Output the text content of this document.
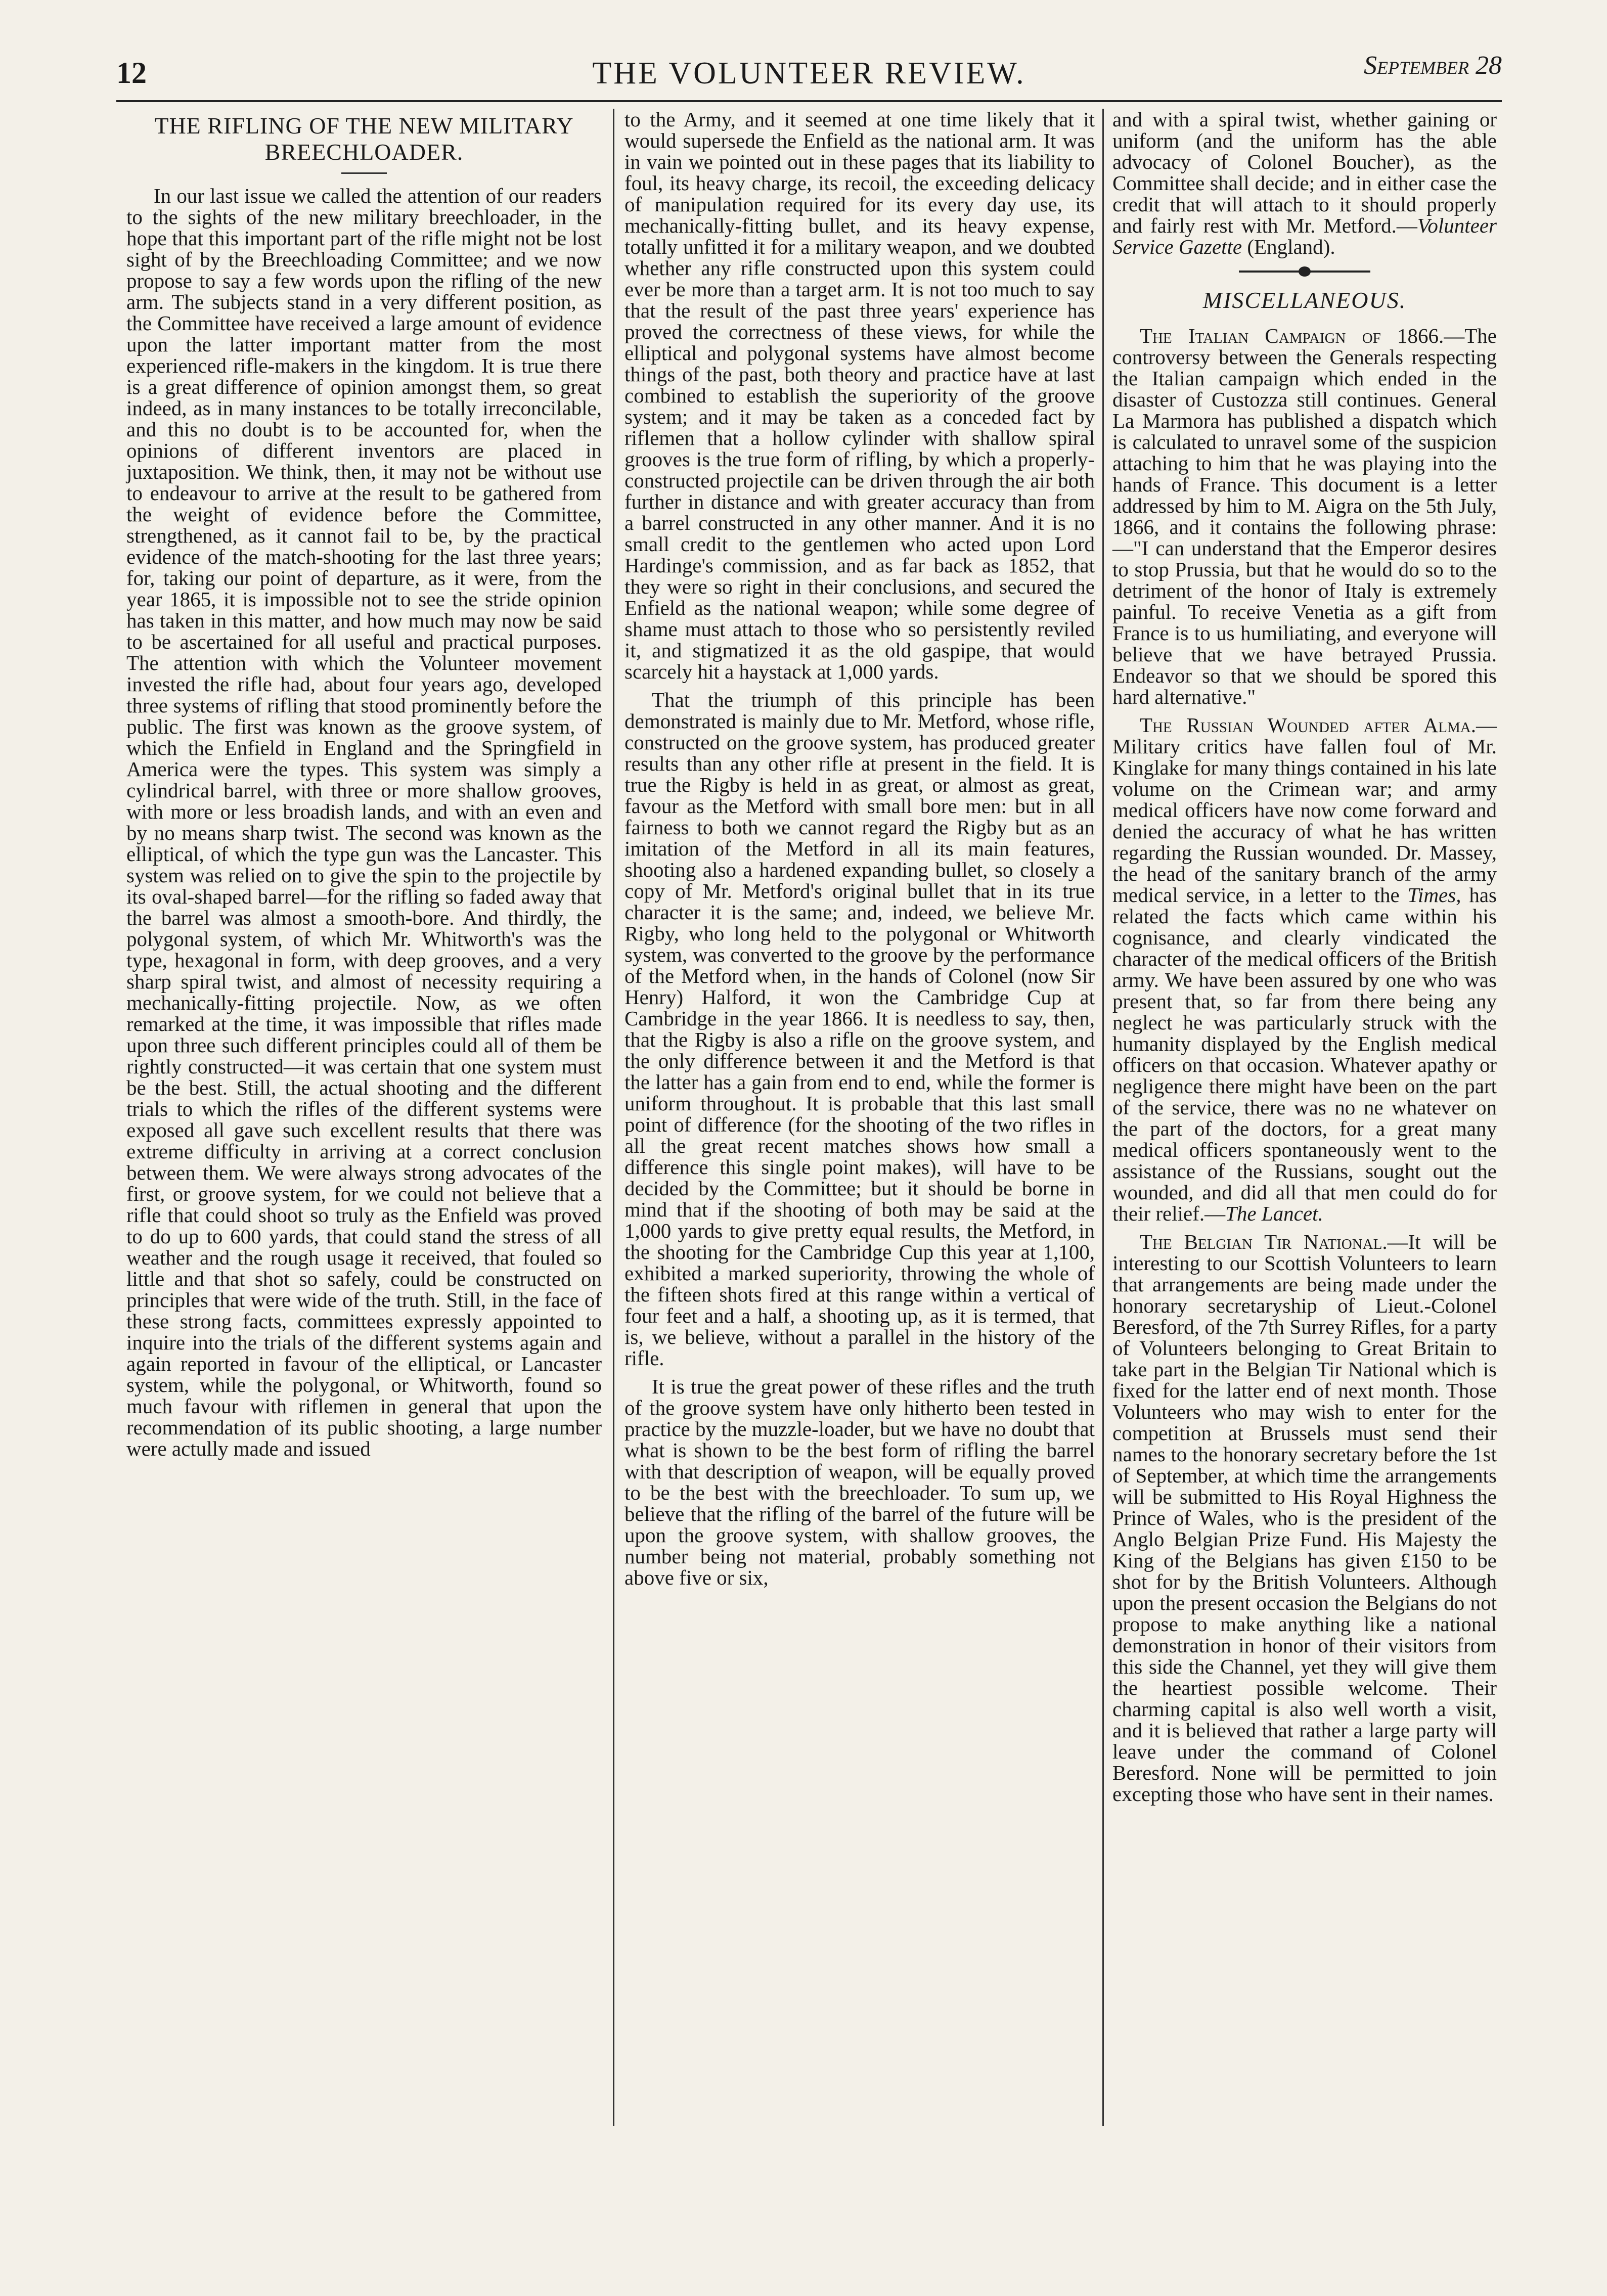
12	THE VOLUNTEER REVIEW.	September 28
THE RIFLING OF THE NEW MILITARY BREECHLOADER.

In our last issue we called the attention of our readers to the sights of the new military breechloader, in the hope that this important part of the rifle might not be lost sight of by the Breechloading Committee; and we now propose to say a few words upon the rifling of the new arm. The subjects stand in a very different position, as the Committee have received a large amount of evidence upon the latter important matter from the most experienced rifle-makers in the kingdom. It is true there is a great difference of opinion amongst them, so great indeed, as in many instances to be totally irreconcilable, and this no doubt is to be accounted for, when the opinions of different inventors are placed in juxtaposition. We think, then, it may not be without use to endeavour to arrive at the result to be gathered from the weight of evidence before the Committee, strengthened, as it cannot fail to be, by the practical evidence of the match-shooting for the last three years; for, taking our point of departure, as it were, from the year 1865, it is impossible not to see the stride opinion has taken in this matter, and how much may now be said to be ascertained for all useful and practical purposes. The attention with which the Volunteer movement invested the rifle had, about four years ago, developed three systems of rifling that stood prominently before the public. The first was known as the groove system, of which the Enfield in England and the Springfield in America were the types. This system was simply a cylindrical barrel, with three or more shallow grooves, with more or less broadish lands, and with an even and by no means sharp twist. The second was known as the elliptical, of which the type gun was the Lancaster. This system was relied on to give the spin to the projectile by its oval-shaped barrel—for the rifling so faded away that the barrel was almost a smooth-bore. And thirdly, the polygonal system, of which Mr. Whitworth's was the type, hexagonal in form, with deep grooves, and a very sharp spiral twist, and almost of necessity requiring a mechanically-fitting projectile. Now, as we often remarked at the time, it was impossible that rifles made upon three such different principles could all of them be rightly constructed—it was certain that one system must be the best. Still, the actual shooting and the different trials to which the rifles of the different systems were exposed all gave such excellent results that there was extreme difficulty in arriving at a correct conclusion between them. We were always strong advocates of the first, or groove system, for we could not believe that a rifle that could shoot so truly as the Enfield was proved to do up to 600 yards, that could stand the stress of all weather and the rough usage it received, that fouled so little and that shot so safely, could be constructed on principles that were wide of the truth. Still, in the face of these strong facts, committees expressly appointed to inquire into the trials of the different systems again and again reported in favour of the elliptical, or Lancaster system, while the polygonal, or Whitworth, found so much favour with riflemen in general that upon the recommendation of its public shooting, a large number were actully made and issued

to the Army, and it seemed at one time likely that it would supersede the Enfield as the national arm. It was in vain we pointed out in these pages that its liability to foul, its heavy charge, its recoil, the exceeding delicacy of manipulation required for its every day use, its mechanically-fitting bullet, and its heavy expense, totally unfitted it for a military weapon, and we doubted whether any rifle constructed upon this system could ever be more than a target arm. It is not too much to say that the result of the past three years' experience has proved the correctness of these views, for while the elliptical and polygonal systems have almost become things of the past, both theory and practice have at last combined to establish the superiority of the groove system; and it may be taken as a conceded fact by riflemen that a hollow cylinder with shallow spiral grooves is the true form of rifling, by which a properly-constructed projectile can be driven through the air both further in distance and with greater accuracy than from a barrel constructed in any other manner. And it is no small credit to the gentlemen who acted upon Lord Hardinge's commission, and as far back as 1852, that they were so right in their conclusions, and secured the Enfield as the national weapon; while some degree of shame must attach to those who so persistently reviled it, and stigmatized it as the old gaspipe, that would scarcely hit a haystack at 1,000 yards.

That the triumph of this principle has been demonstrated is mainly due to Mr. Metford, whose rifle, constructed on the groove system, has produced greater results than any other rifle at present in the field. It is true the Rigby is held in as great, or almost as great, favour as the Metford with small bore men: but in all fairness to both we cannot regard the Rigby but as an imitation of the Metford in all its main features, shooting also a hardened expanding bullet, so closely a copy of Mr. Metford's original bullet that in its true character it is the same; and, indeed, we believe Mr. Rigby, who long held to the polygonal or Whitworth system, was converted to the groove by the performance of the Metford when, in the hands of Colonel (now Sir Henry) Halford, it won the Cambridge Cup at Cambridge in the year 1866. It is needless to say, then, that the Rigby is also a rifle on the groove system, and the only difference between it and the Metford is that the latter has a gain from end to end, while the former is uniform throughout. It is probable that this last small point of difference (for the shooting of the two rifles in all the great recent matches shows how small a difference this single point makes), will have to be decided by the Committee; but it should be borne in mind that if the shooting of both may be said at the 1,000 yards to give pretty equal results, the Metford, in the shooting for the Cambridge Cup this year at 1,100, exhibited a marked superiority, throwing the whole of the fifteen shots fired at this range within a vertical of four feet and a half, a shooting up, as it is termed, that is, we believe, without a parallel in the history of the rifle.

It is true the great power of these rifles and the truth of the groove system have only hitherto been tested in practice by the muzzle-loader, but we have no doubt that what is shown to be the best form of rifling the barrel with that description of weapon, will be equally proved to be the best with the breechloader. To sum up, we believe that the rifling of the barrel of the future will be upon the groove system, with shallow grooves, the number being not material, probably something not above five or six,

and with a spiral twist, whether gaining or uniform (and the uniform has the able advocacy of Colonel Boucher), as the Committee shall decide; and in either case the credit that will attach to it should properly and fairly rest with Mr. Metford.—Volunteer Service Gazette (England).

MISCELLANEOUS.

The Italian Campaign of 1866.—The controversy between the Generals respecting the Italian campaign which ended in the disaster of Custozza still continues. General La Marmora has published a dispatch which is calculated to unravel some of the suspicion attaching to him that he was playing into the hands of France. This document is a letter addressed by him to M. Aigra on the 5th July, 1866, and it contains the following phrase:—"I can understand that the Emperor desires to stop Prussia, but that he would do so to the detriment of the honor of Italy is extremely painful. To receive Venetia as a gift from France is to us humiliating, and everyone will believe that we have betrayed Prussia. Endeavor so that we should be spored this hard alternative."

The Russian Wounded after Alma.—Military critics have fallen foul of Mr. Kinglake for many things contained in his late volume on the Crimean war; and army medical officers have now come forward and denied the accuracy of what he has written regarding the Russian wounded. Dr. Massey, the head of the sanitary branch of the army medical service, in a letter to the Times, has related the facts which came within his cognisance, and clearly vindicated the character of the medical officers of the British army. We have been assured by one who was present that, so far from there being any neglect he was particularly struck with the humanity displayed by the English medical officers on that occasion. Whatever apathy or negligence there might have been on the part of the service, there was no ne whatever on the part of the doctors, for a great many medical officers spontaneously went to the assistance of the Russians, sought out the wounded, and did all that men could do for their relief.—The Lancet.

The Belgian Tir National.—It will be interesting to our Scottish Volunteers to learn that arrangements are being made under the honorary secretaryship of Lieut.-Colonel Beresford, of the 7th Surrey Rifles, for a party of Volunteers belonging to Great Britain to take part in the Belgian Tir National which is fixed for the latter end of next month. Those Volunteers who may wish to enter for the competition at Brussels must send their names to the honorary secretary before the 1st of September, at which time the arrangements will be submitted to His Royal Highness the Prince of Wales, who is the president of the Anglo Belgian Prize Fund. His Majesty the King of the Belgians has given £150 to be shot for by the British Volunteers. Although upon the present occasion the Belgians do not propose to make anything like a national demonstration in honor of their visitors from this side the Channel, yet they will give them the heartiest possible welcome. Their charming capital is also well worth a visit, and it is believed that rather a large party will leave under the command of Colonel Beresford. None will be permitted to join excepting those who have sent in their names.
